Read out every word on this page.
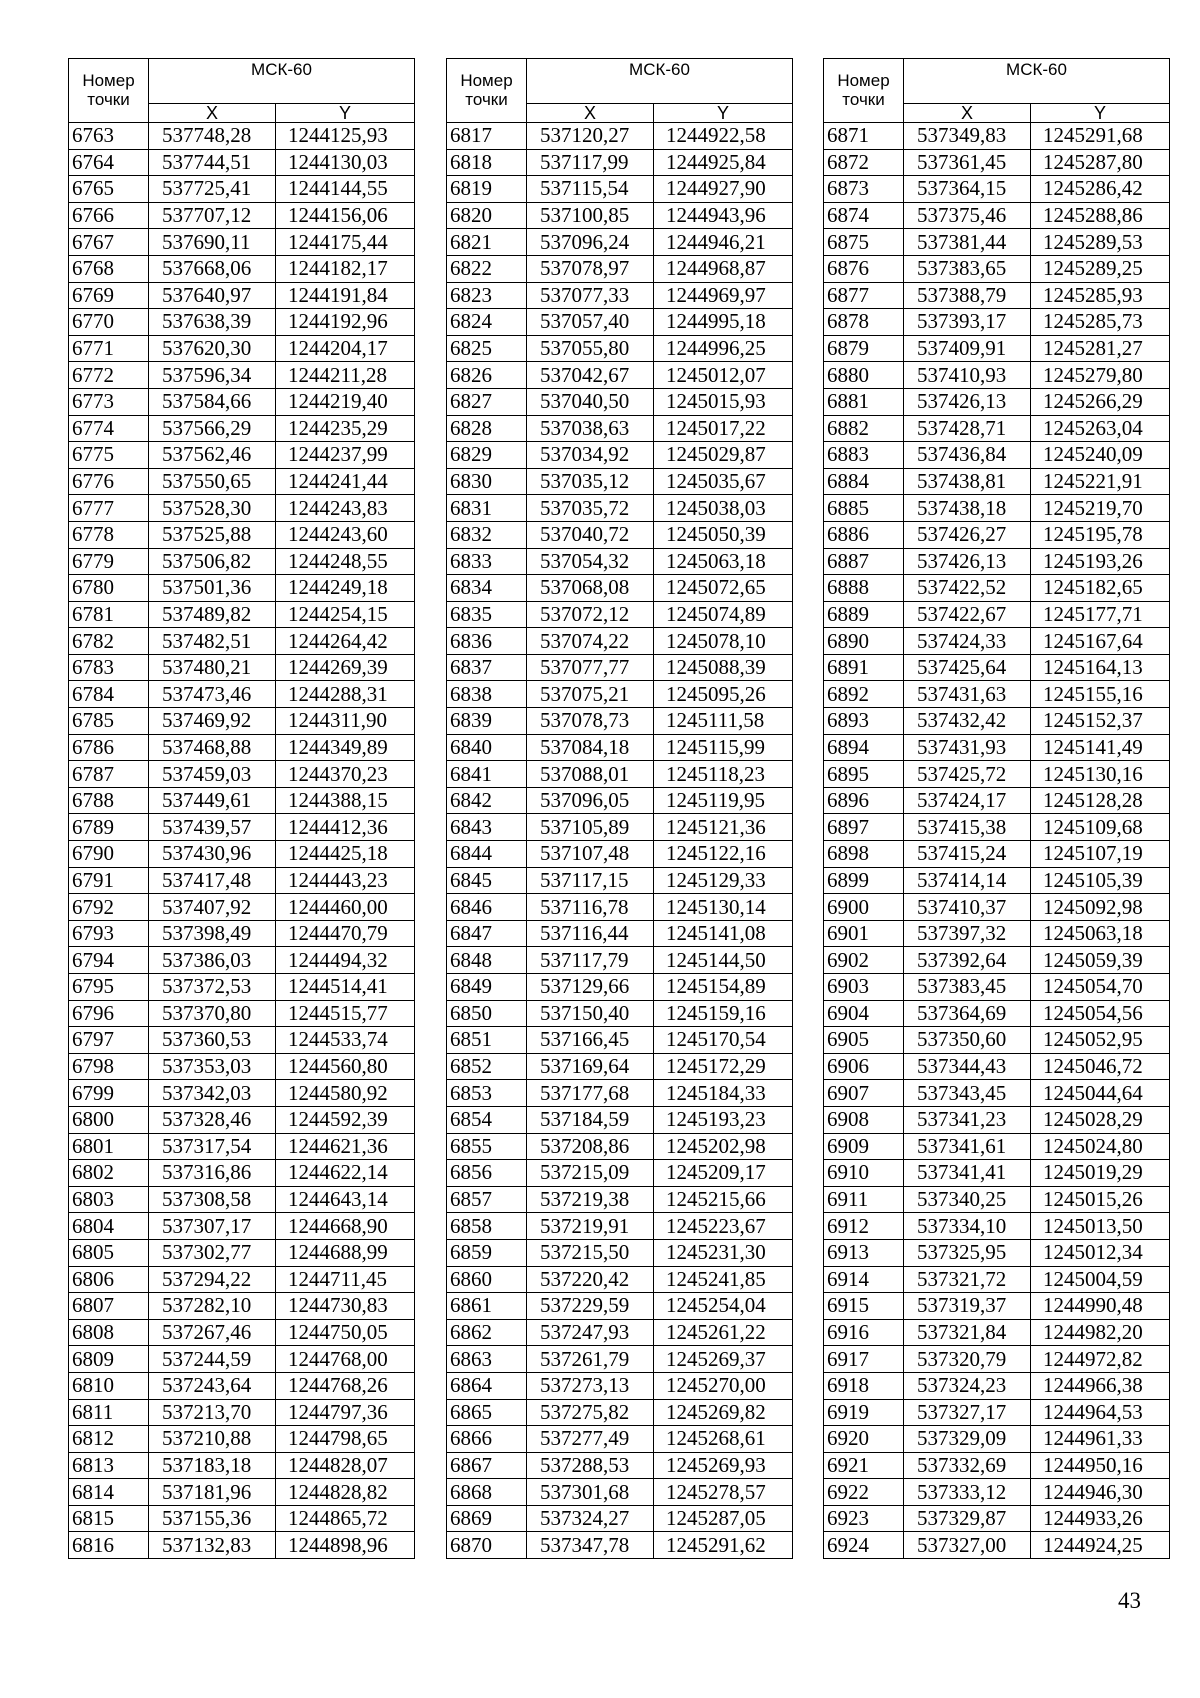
Номер
точки	МСК-60	
	X	Y
6763	537748,28	1244125,93
6764	537744,51	1244130,03
6765	537725,41	1244144,55
6766	537707,12	1244156,06
6767	537690,11	1244175,44
6768	537668,06	1244182,17
6769	537640,97	1244191,84
6770	537638,39	1244192,96
6771	537620,30	1244204,17
6772	537596,34	1244211,28
6773	537584,66	1244219,40
6774	537566,29	1244235,29
6775	537562,46	1244237,99
6776	537550,65	1244241,44
6777	537528,30	1244243,83
6778	537525,88	1244243,60
6779	537506,82	1244248,55
6780	537501,36	1244249,18
6781	537489,82	1244254,15
6782	537482,51	1244264,42
6783	537480,21	1244269,39
6784	537473,46	1244288,31
6785	537469,92	1244311,90
6786	537468,88	1244349,89
6787	537459,03	1244370,23
6788	537449,61	1244388,15
6789	537439,57	1244412,36
6790	537430,96	1244425,18
6791	537417,48	1244443,23
6792	537407,92	1244460,00
6793	537398,49	1244470,79
6794	537386,03	1244494,32
6795	537372,53	1244514,41
6796	537370,80	1244515,77
6797	537360,53	1244533,74
6798	537353,03	1244560,80
6799	537342,03	1244580,92
6800	537328,46	1244592,39
6801	537317,54	1244621,36
6802	537316,86	1244622,14
6803	537308,58	1244643,14
6804	537307,17	1244668,90
6805	537302,77	1244688,99
6806	537294,22	1244711,45
6807	537282,10	1244730,83
6808	537267,46	1244750,05
6809	537244,59	1244768,00
6810	537243,64	1244768,26
6811	537213,70	1244797,36
6812	537210,88	1244798,65
6813	537183,18	1244828,07
6814	537181,96	1244828,82
6815	537155,36	1244865,72
6816	537132,83	1244898,96
Номер
точки	МСК-60	
	X	Y
6817	537120,27	1244922,58
6818	537117,99	1244925,84
6819	537115,54	1244927,90
6820	537100,85	1244943,96
6821	537096,24	1244946,21
6822	537078,97	1244968,87
6823	537077,33	1244969,97
6824	537057,40	1244995,18
6825	537055,80	1244996,25
6826	537042,67	1245012,07
6827	537040,50	1245015,93
6828	537038,63	1245017,22
6829	537034,92	1245029,87
6830	537035,12	1245035,67
6831	537035,72	1245038,03
6832	537040,72	1245050,39
6833	537054,32	1245063,18
6834	537068,08	1245072,65
6835	537072,12	1245074,89
6836	537074,22	1245078,10
6837	537077,77	1245088,39
6838	537075,21	1245095,26
6839	537078,73	1245111,58
6840	537084,18	1245115,99
6841	537088,01	1245118,23
6842	537096,05	1245119,95
6843	537105,89	1245121,36
6844	537107,48	1245122,16
6845	537117,15	1245129,33
6846	537116,78	1245130,14
6847	537116,44	1245141,08
6848	537117,79	1245144,50
6849	537129,66	1245154,89
6850	537150,40	1245159,16
6851	537166,45	1245170,54
6852	537169,64	1245172,29
6853	537177,68	1245184,33
6854	537184,59	1245193,23
6855	537208,86	1245202,98
6856	537215,09	1245209,17
6857	537219,38	1245215,66
6858	537219,91	1245223,67
6859	537215,50	1245231,30
6860	537220,42	1245241,85
6861	537229,59	1245254,04
6862	537247,93	1245261,22
6863	537261,79	1245269,37
6864	537273,13	1245270,00
6865	537275,82	1245269,82
6866	537277,49	1245268,61
6867	537288,53	1245269,93
6868	537301,68	1245278,57
6869	537324,27	1245287,05
6870	537347,78	1245291,62
Номер
точки	МСК-60	
	X	Y
6871	537349,83	1245291,68
6872	537361,45	1245287,80
6873	537364,15	1245286,42
6874	537375,46	1245288,86
6875	537381,44	1245289,53
6876	537383,65	1245289,25
6877	537388,79	1245285,93
6878	537393,17	1245285,73
6879	537409,91	1245281,27
6880	537410,93	1245279,80
6881	537426,13	1245266,29
6882	537428,71	1245263,04
6883	537436,84	1245240,09
6884	537438,81	1245221,91
6885	537438,18	1245219,70
6886	537426,27	1245195,78
6887	537426,13	1245193,26
6888	537422,52	1245182,65
6889	537422,67	1245177,71
6890	537424,33	1245167,64
6891	537425,64	1245164,13
6892	537431,63	1245155,16
6893	537432,42	1245152,37
6894	537431,93	1245141,49
6895	537425,72	1245130,16
6896	537424,17	1245128,28
6897	537415,38	1245109,68
6898	537415,24	1245107,19
6899	537414,14	1245105,39
6900	537410,37	1245092,98
6901	537397,32	1245063,18
6902	537392,64	1245059,39
6903	537383,45	1245054,70
6904	537364,69	1245054,56
6905	537350,60	1245052,95
6906	537344,43	1245046,72
6907	537343,45	1245044,64
6908	537341,23	1245028,29
6909	537341,61	1245024,80
6910	537341,41	1245019,29
6911	537340,25	1245015,26
6912	537334,10	1245013,50
6913	537325,95	1245012,34
6914	537321,72	1245004,59
6915	537319,37	1244990,48
6916	537321,84	1244982,20
6917	537320,79	1244972,82
6918	537324,23	1244966,38
6919	537327,17	1244964,53
6920	537329,09	1244961,33
6921	537332,69	1244950,16
6922	537333,12	1244946,30
6923	537329,87	1244933,26
6924	537327,00	1244924,25
43
